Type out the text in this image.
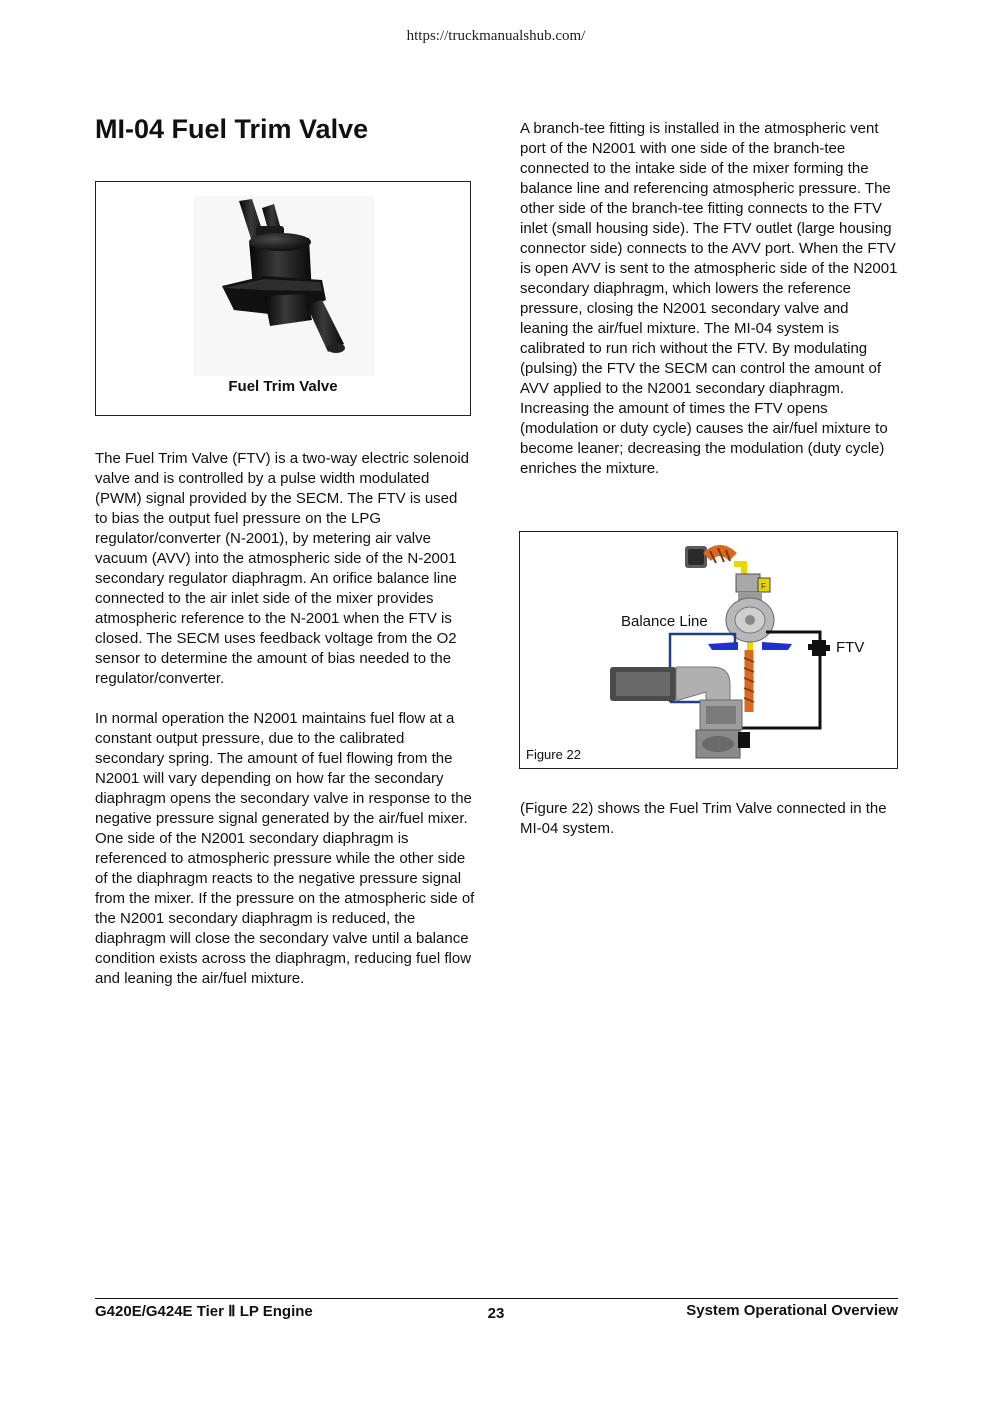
https://truckmanualshub.com/
MI-04 Fuel Trim Valve
Fuel Trim Valve

The Fuel Trim Valve (FTV) is a two-way electric solenoid valve and is controlled by a pulse width modulated (PWM) signal provided by the SECM. The FTV is used to bias the output fuel pressure on the LPG regulator/converter (N-2001), by metering air valve vacuum (AVV) into the atmospheric side of the N-2001 secondary regulator diaphragm. An orifice balance line connected to the air inlet side of the mixer provides atmospheric reference to the N-2001 when the FTV is closed. The SECM uses feedback voltage from the O2 sensor to determine the amount of bias needed to the regulator/converter.

In normal operation the N2001 maintains fuel flow at a constant output pressure, due to the calibrated secondary spring. The amount of fuel flowing from the N2001 will vary depending on how far the secondary diaphragm opens the secondary valve in response to the negative pressure signal generated by the air/fuel mixer. One side of the N2001 secondary diaphragm is referenced to atmospheric pressure while the other side of the diaphragm reacts to the negative pressure signal from the mixer. If the pressure on the atmospheric side of the N2001 secondary diaphragm is reduced, the diaphragm will close the secondary valve until a balance condition exists across the diaphragm, reducing fuel flow and leaning the air/fuel mixture.

A branch-tee fitting is installed in the atmospheric vent port of the N2001 with one side of the branch-tee connected to the intake side of the mixer forming the balance line and referencing atmospheric pressure. The other side of the branch-tee fitting connects to the FTV inlet (small housing side). The FTV outlet (large housing connector side) connects to the AVV port. When the FTV is open AVV is sent to the atmospheric side of the N2001 secondary diaphragm, which lowers the reference pressure, closing the N2001 secondary valve and leaning the air/fuel mixture. The MI-04 system is calibrated to run rich without the FTV. By modulating (pulsing) the FTV the SECM can control the amount of AVV applied to the N2001 secondary diaphragm. Increasing the amount of times the FTV opens (modulation or duty cycle) causes the air/fuel mixture to become leaner; decreasing the modulation (duty cycle) enriches the mixture.

F
Balance Line
FTV
Figure 22

(Figure 22) shows the Fuel Trim Valve connected in the MI-04 system.

G420E/G424E Tier Ⅱ LP Engine	23	System Operational Overview
